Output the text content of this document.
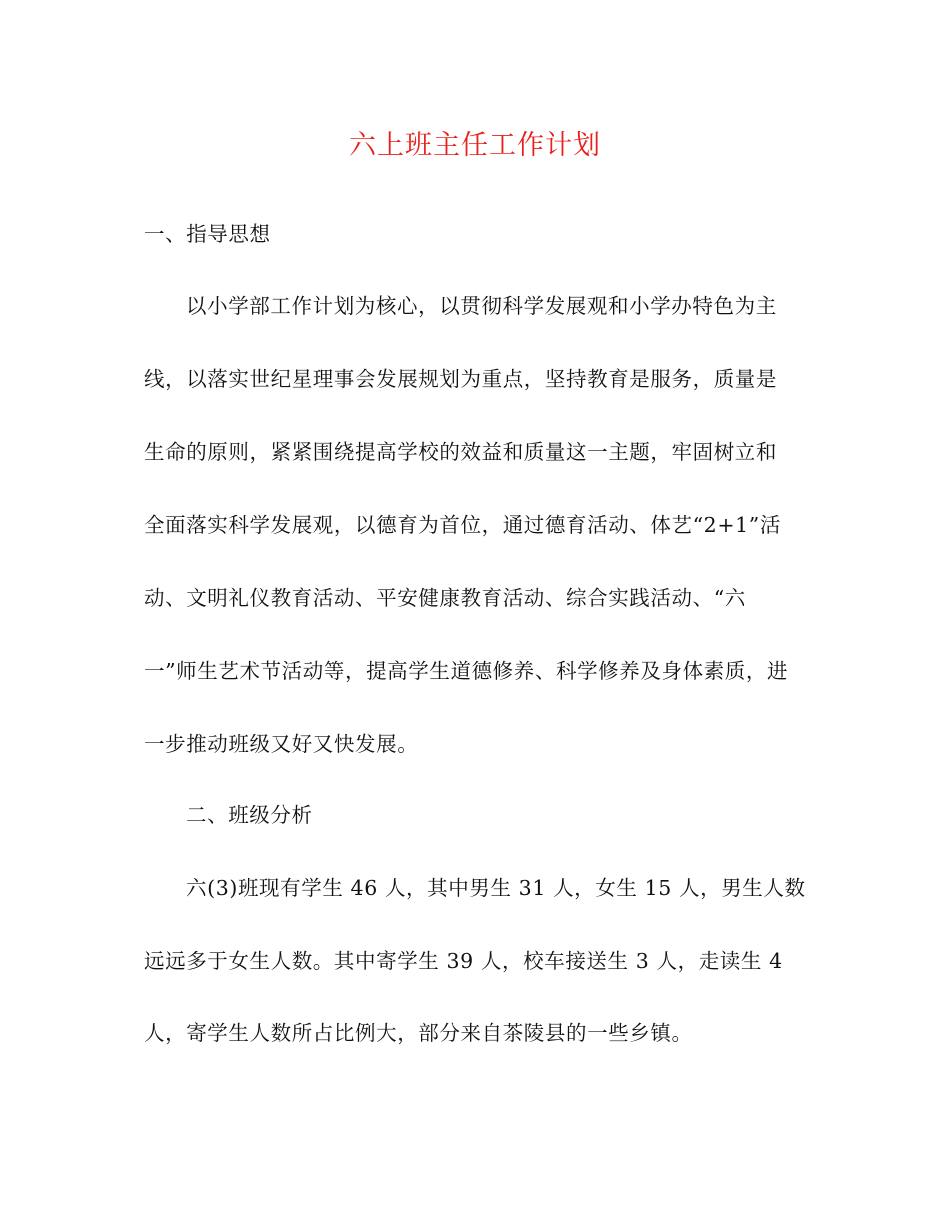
六上班主任工作计划
一、指导思想
以小学部工作计划为核心，以贯彻科学发展观和小学办特色为主
线，以落实世纪星理事会发展规划为重点，坚持教育是服务，质量是
生命的原则，紧紧围绕提高学校的效益和质量这一主题，牢固树立和
全面落实科学发展观，以德育为首位，通过德育活动、体艺“2+1”活
动、文明礼仪教育活动、平安健康教育活动、综合实践活动、“六
一”师生艺术节活动等，提高学生道德修养、科学修养及身体素质，进
一步推动班级又好又快发展。
二、班级分析
六(3)班现有学生 46 人，其中男生 31 人，女生 15 人，男生人数
远远多于女生人数。其中寄学生 39 人，校车接送生 3 人，走读生 4
人，寄学生人数所占比例大，部分来自茶陵县的一些乡镇。
